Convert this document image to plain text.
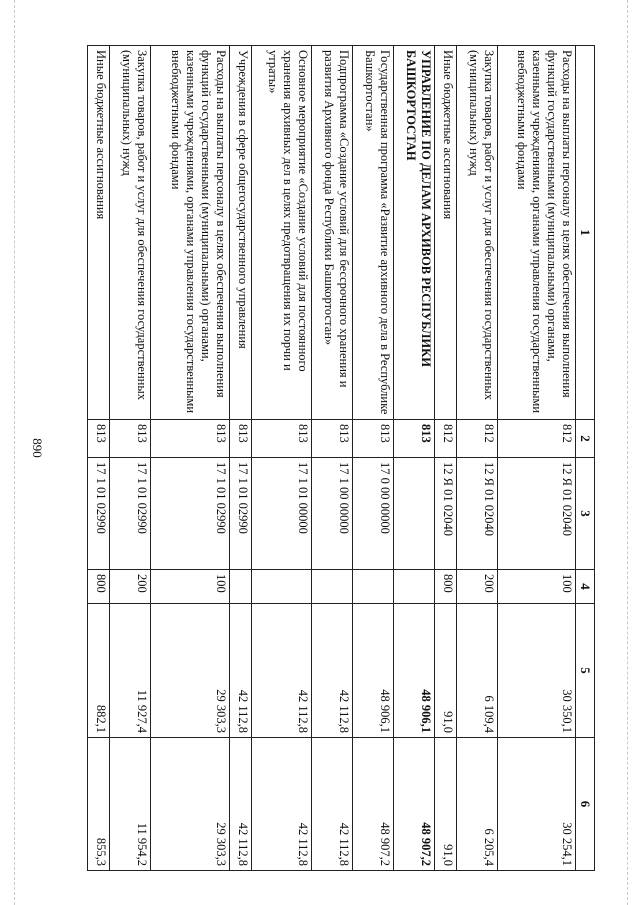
890
1	2	3	4	5	6
Расходы на выплаты персоналу в целях обеспечения выполнения функций государственными (муниципальными) органами, казенными учреждениями, органами управления государственными внебюджетными фондами	812	12 Я 01 02040	100	30 350,1	30 254,1
Закупка товаров, работ и услуг для обеспечения государственных (муниципальных) нужд	812	12 Я 01 02040	200	6 109,4	6 205,4
Иные бюджетные ассигнования	812	12 Я 01 02040	800	91,0	91,0
УПРАВЛЕНИЕ ПО ДЕЛАМ АРХИВОВ РЕСПУБЛИКИ БАШКОРТОСТАН	813			48 906,1	48 907,2
Государственная программа «Развитие архивного дела в Республике Башкортостан»	813	17 0 00 00000		48 906,1	48 907,2
Подпрограмма «Создание условий для бессрочного хранения и развития Архивного фонда Республики Башкортостан»	813	17 1 00 00000		42 112,8	42 112,8
Основное мероприятие «Создание условий для постоянного хранения архивных дел в целях предотвращения их порчи и утраты»	813	17 1 01 00000		42 112,8	42 112,8
Учреждения в сфере общегосударственного управления	813	17 1 01 02990		42 112,8	42 112,8
Расходы на выплаты персоналу в целях обеспечения выполнения функций государственными (муниципальными) органами, казенными учреждениями, органами управления государственными внебюджетными фондами	813	17 1 01 02990	100	29 303,3	29 303,3
Закупка товаров, работ и услуг для обеспечения государственных (муниципальных) нужд	813	17 1 01 02990	200	11 927,4	11 954,2
Иные бюджетные ассигнования	813	17 1 01 02990	800	882,1	855,3
